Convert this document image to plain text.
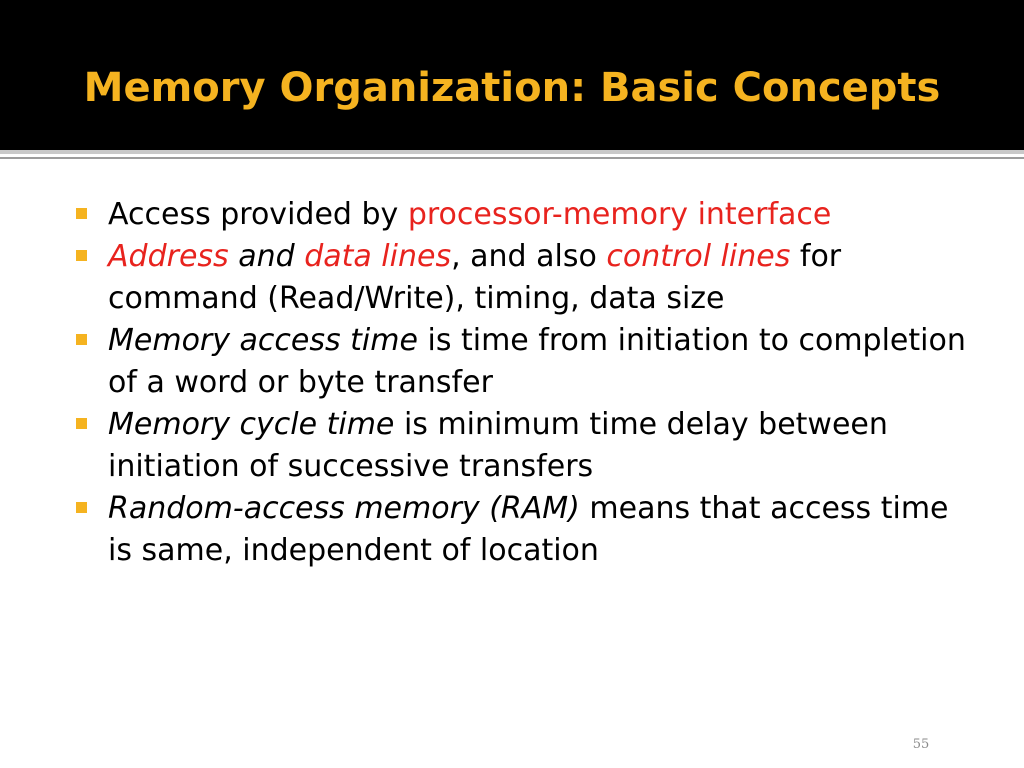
Memory Organization: Basic Concepts
Access provided by processor-memory interface
Address and data lines, and also control lines for command (Read/Write), timing, data size
Memory access time is time from initiation to completion of a word or byte transfer
Memory cycle time is minimum time delay between initiation of successive transfers
Random-access memory (RAM) means that access time is same, independent of location
55
